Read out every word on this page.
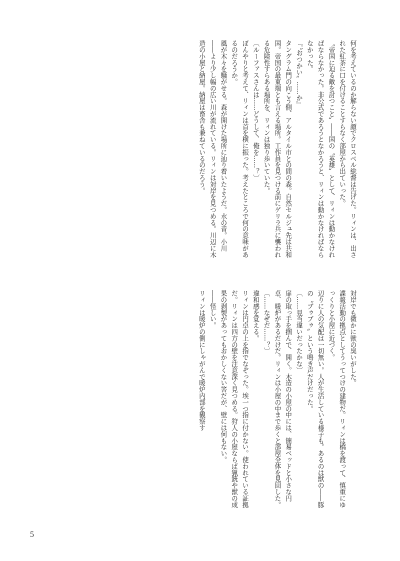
何を考えているのか解らない顔でクロスベル総督は告げた。リィンは、出された紅茶に口を付けることすらなく部屋から出ていった。

〝帝国に迫る敵を討つこと〟――国の〝英雄〟として、リィンは動かなければならなかった。非公式であろうとなかろうと、リィンは動かなければならなかった。

『〝おつかい〟……か』

タングラム門の向こう側、アルタイル市との間の森。自然セルジュ先は共和国。帝国の最東端とも言える場所。工作員を見つける前にゲリラ兵に襲われる危険性すらある場所を、リィンは独り歩いていた。

〔ルーファスさんは……どうして、俺を……？〕

ぼんやりと考えて、リィンは首を横に振った。考えたところで何の意味があるのだろうか。

風が木々を騒がせる。森が開けた場所に辿り着いたようだ。水の音。小川――より少し幅の広い川が流れている。リィンは対岸を見つめる。川辺に木造の小屋と納屋。納屋は畜舎も兼ねているのだろう。

対岸でも微かに獣の臭いがした。

諜報活動の拠点としてうってつけの建物だ。リィンは橋を渡って、慎重にゆっくりと小屋に近づく。

辺りに人の気配は一切無い。人が生活している様子も。あるのは獣の――豚の〝ブゥブゥ〟という鳴き声だけだった。

〔……見当違いだったかな〕

扉の取っ手を掴んで、開く。木造の小屋の中には、簡易ベッドと小さな円卓、暖炉があるだけだ。リィンは小屋の中まで歩くと部屋全体を見回した。

〔……なぜだ……？〕

違和感を覚える。

リィンは円卓の上を指でなぞった。埃一つ指に付かない。使われている証拠だ。リィンは四方の壁を注意深く見つめる。狩人の小屋ならば猟銃や獣の成果の剥製があってもおかしくない筈だが、壁には何もない。

――怪しい。

リィンは暖炉の側にしゃがんで暖炉内部を観察す

5
